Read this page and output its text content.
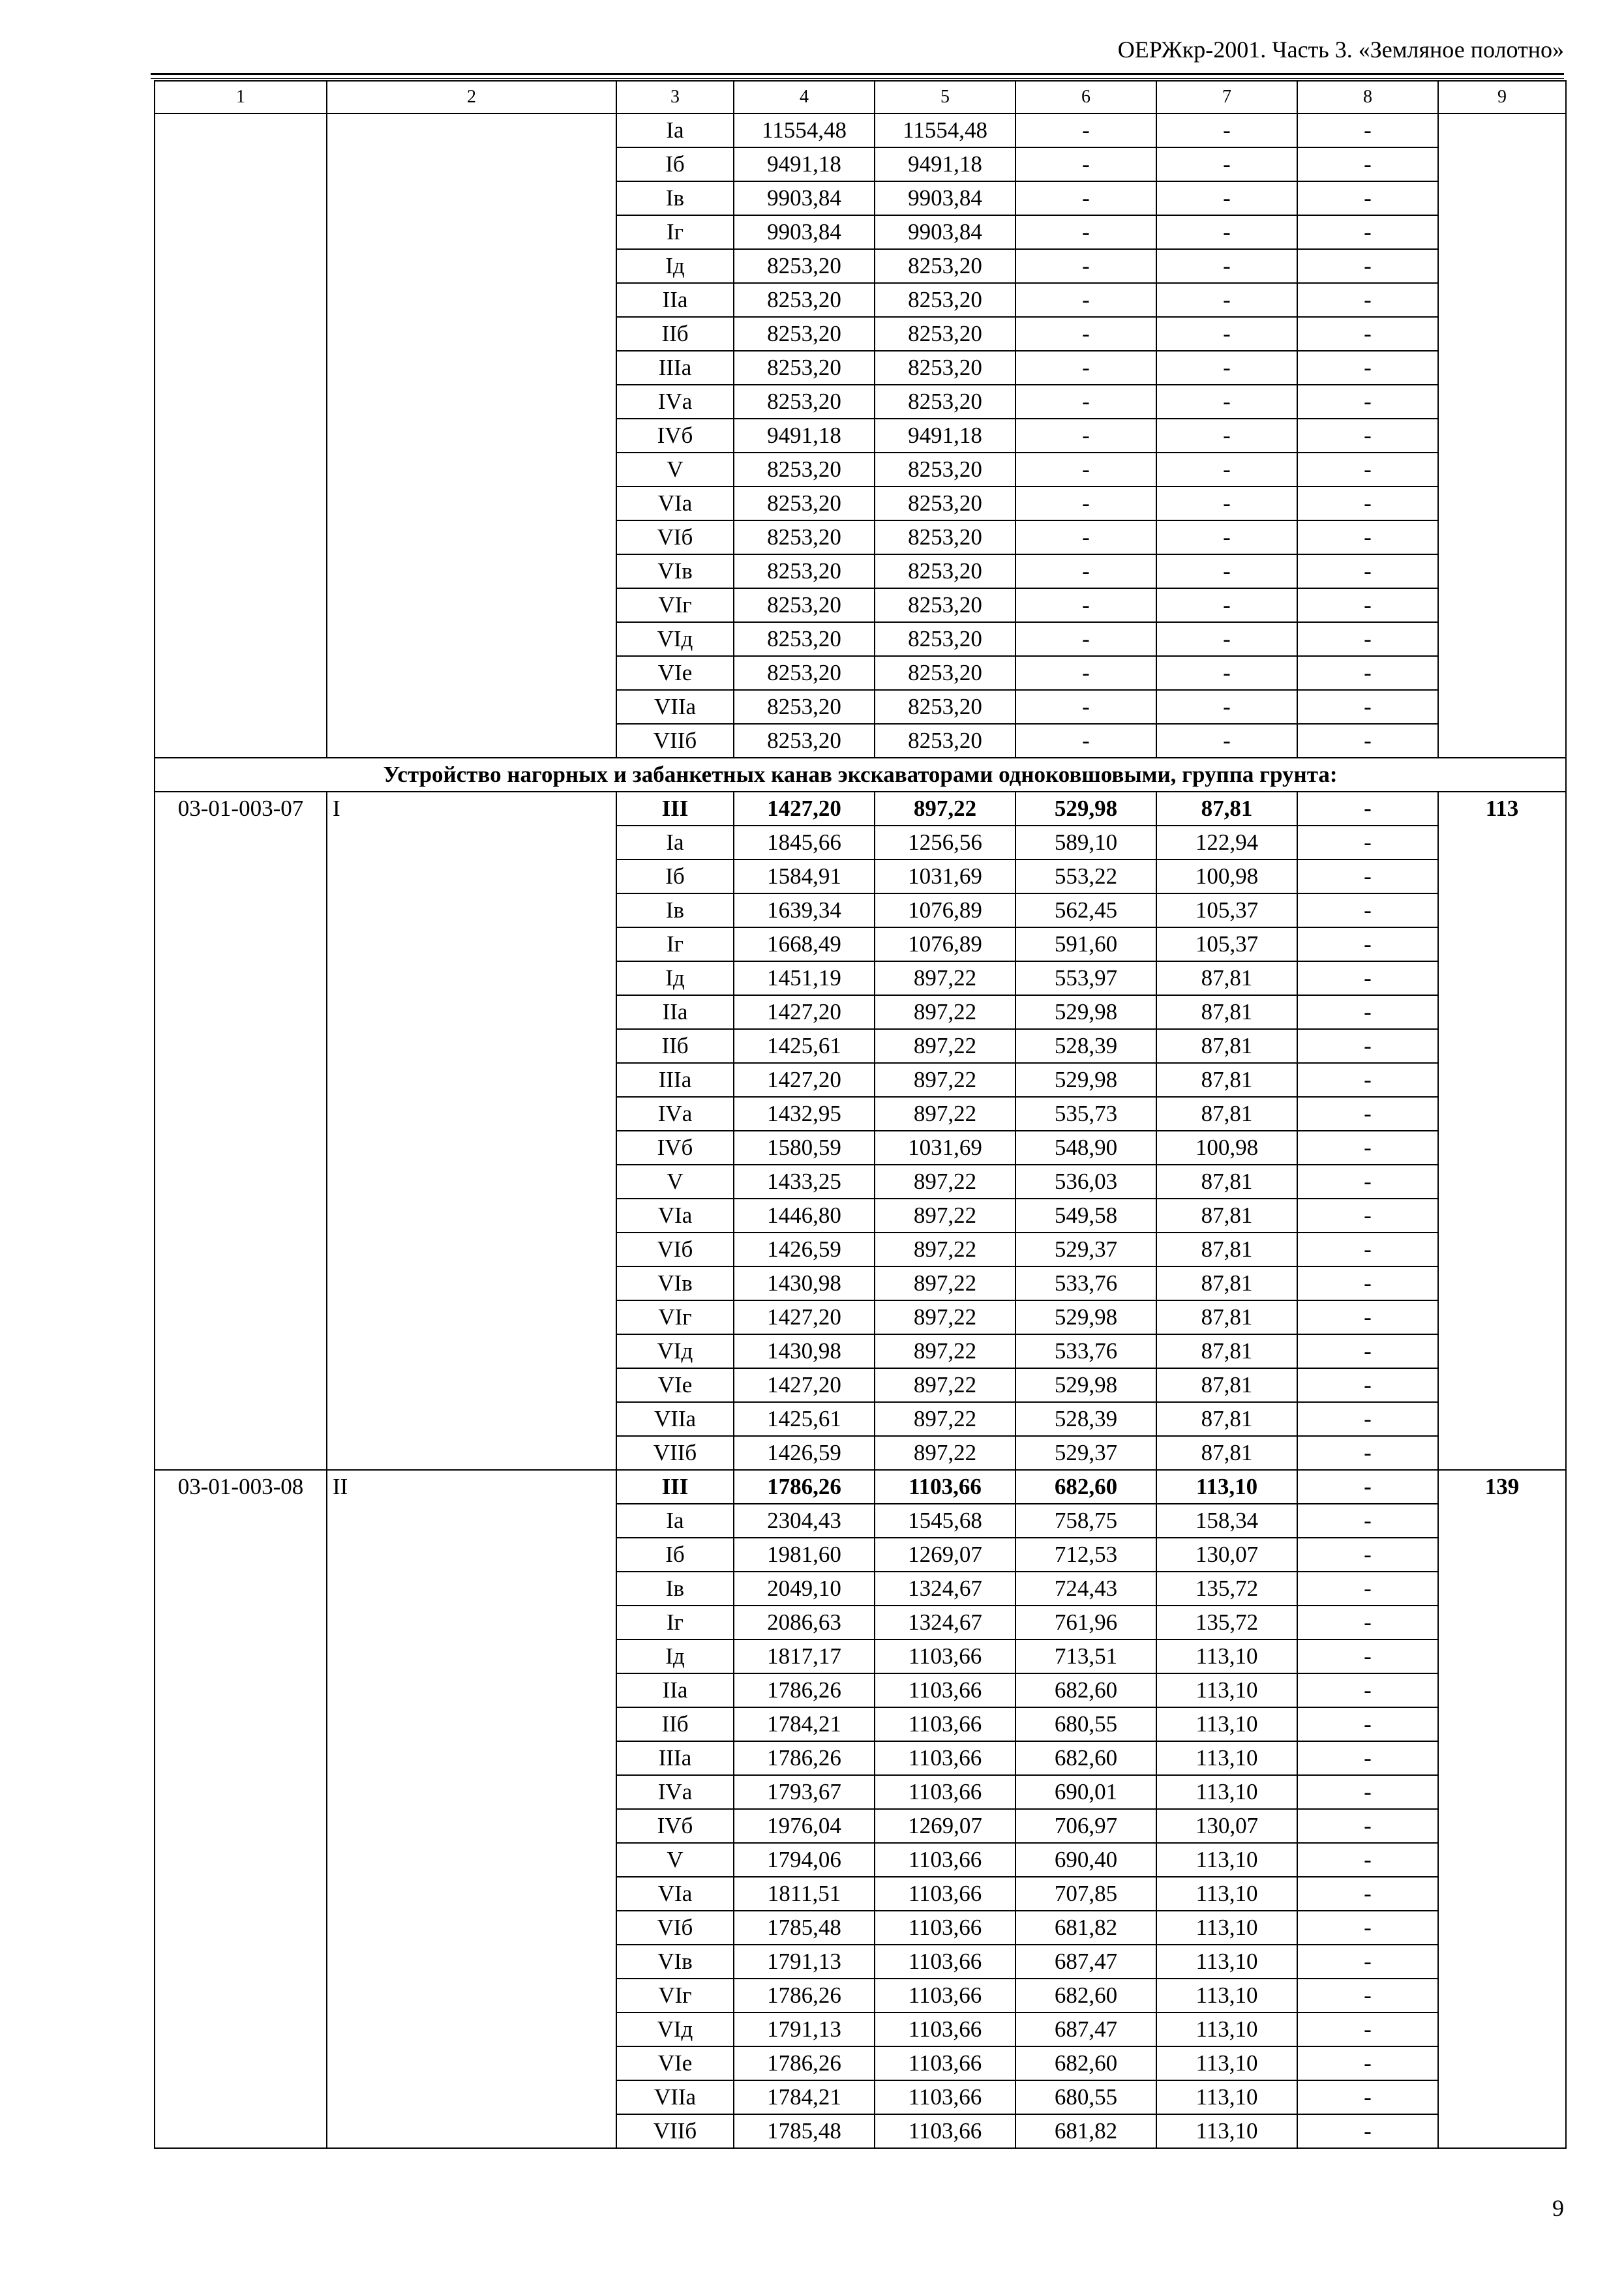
ОЕРЖкр-2001. Часть 3. «Земляное полотно»
1	2	3	4	5	6	7	8	9
		Iа	11554,48	11554,48	-	-	-	
		Iб	9491,18	9491,18	-	-	-	
		Iв	9903,84	9903,84	-	-	-	
		Iг	9903,84	9903,84	-	-	-	
		Iд	8253,20	8253,20	-	-	-	
		IIа	8253,20	8253,20	-	-	-	
		IIб	8253,20	8253,20	-	-	-	
		IIIа	8253,20	8253,20	-	-	-	
		IVа	8253,20	8253,20	-	-	-	
		IVб	9491,18	9491,18	-	-	-	
		V	8253,20	8253,20	-	-	-	
		VIа	8253,20	8253,20	-	-	-	
		VIб	8253,20	8253,20	-	-	-	
		VIв	8253,20	8253,20	-	-	-	
		VIг	8253,20	8253,20	-	-	-	
		VIд	8253,20	8253,20	-	-	-	
		VIе	8253,20	8253,20	-	-	-	
		VIIа	8253,20	8253,20	-	-	-	
		VIIб	8253,20	8253,20	-	-	-	
Устройство нагорных и забанкетных канав экскаваторами одноковшовыми, группа грунта:								
03-01-003-07	I	III	1427,20	897,22	529,98	87,81	-	113
		Iа	1845,66	1256,56	589,10	122,94	-	
		Iб	1584,91	1031,69	553,22	100,98	-	
		Iв	1639,34	1076,89	562,45	105,37	-	
		Iг	1668,49	1076,89	591,60	105,37	-	
		Iд	1451,19	897,22	553,97	87,81	-	
		IIа	1427,20	897,22	529,98	87,81	-	
		IIб	1425,61	897,22	528,39	87,81	-	
		IIIа	1427,20	897,22	529,98	87,81	-	
		IVа	1432,95	897,22	535,73	87,81	-	
		IVб	1580,59	1031,69	548,90	100,98	-	
		V	1433,25	897,22	536,03	87,81	-	
		VIа	1446,80	897,22	549,58	87,81	-	
		VIб	1426,59	897,22	529,37	87,81	-	
		VIв	1430,98	897,22	533,76	87,81	-	
		VIг	1427,20	897,22	529,98	87,81	-	
		VIд	1430,98	897,22	533,76	87,81	-	
		VIе	1427,20	897,22	529,98	87,81	-	
		VIIа	1425,61	897,22	528,39	87,81	-	
		VIIб	1426,59	897,22	529,37	87,81	-	
03-01-003-08	II	III	1786,26	1103,66	682,60	113,10	-	139
		Iа	2304,43	1545,68	758,75	158,34	-	
		Iб	1981,60	1269,07	712,53	130,07	-	
		Iв	2049,10	1324,67	724,43	135,72	-	
		Iг	2086,63	1324,67	761,96	135,72	-	
		Iд	1817,17	1103,66	713,51	113,10	-	
		IIа	1786,26	1103,66	682,60	113,10	-	
		IIб	1784,21	1103,66	680,55	113,10	-	
		IIIа	1786,26	1103,66	682,60	113,10	-	
		IVа	1793,67	1103,66	690,01	113,10	-	
		IVб	1976,04	1269,07	706,97	130,07	-	
		V	1794,06	1103,66	690,40	113,10	-	
		VIа	1811,51	1103,66	707,85	113,10	-	
		VIб	1785,48	1103,66	681,82	113,10	-	
		VIв	1791,13	1103,66	687,47	113,10	-	
		VIг	1786,26	1103,66	682,60	113,10	-	
		VIд	1791,13	1103,66	687,47	113,10	-	
		VIе	1786,26	1103,66	682,60	113,10	-	
		VIIа	1784,21	1103,66	680,55	113,10	-	
		VIIб	1785,48	1103,66	681,82	113,10	-	
9
